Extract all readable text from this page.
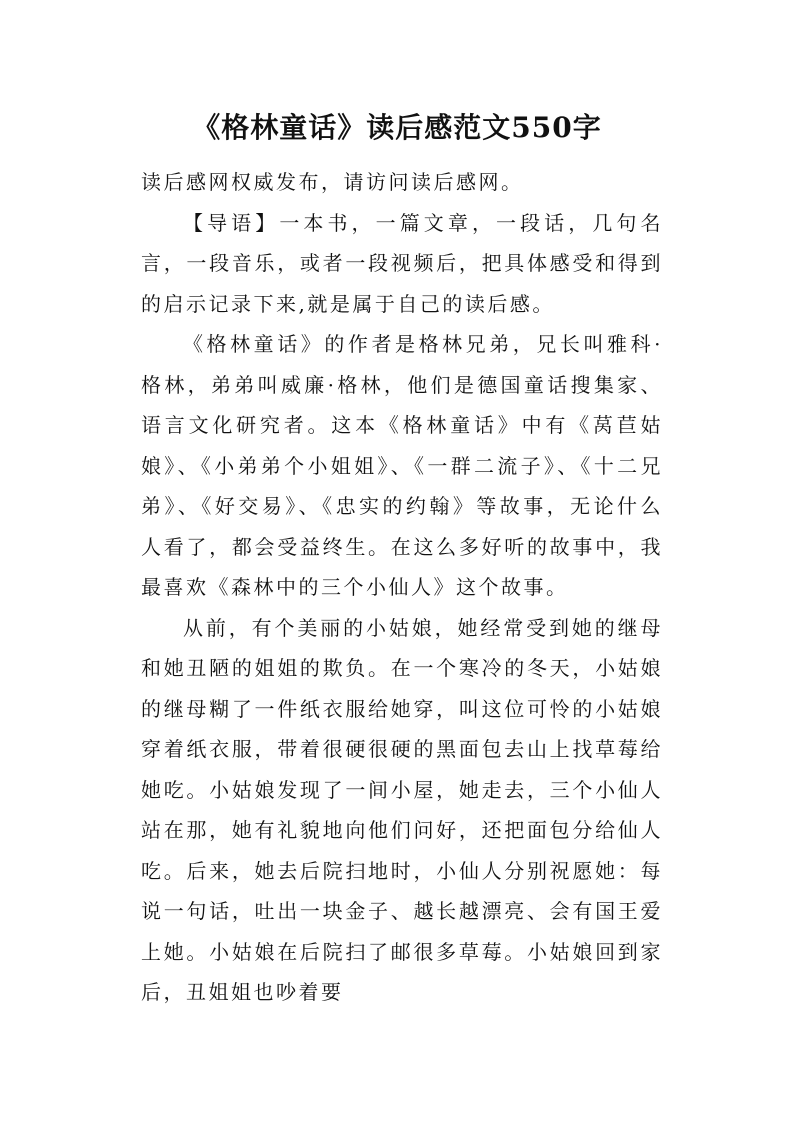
《格林童话》读后感范文550字

读后感网权威发布，请访问读后感网。

【导语】一本书，一篇文章，一段话，几句名言，一段音乐，或者一段视频后，把具体感受和得到的启示记录下来,就是属于自己的读后感。

《格林童话》的作者是格林兄弟，兄长叫雅科·格林，弟弟叫威廉·格林，他们是德国童话搜集家、语言文化研究者。这本《格林童话》中有《莴苣姑娘》、《小弟弟个小姐姐》、《一群二流子》、《十二兄弟》、《好交易》、《忠实的约翰》等故事，无论什么人看了，都会受益终生。在这么多好听的故事中，我最喜欢《森林中的三个小仙人》这个故事。

从前，有个美丽的小姑娘，她经常受到她的继母和她丑陋的姐姐的欺负。在一个寒冷的冬天，小姑娘的继母糊了一件纸衣服给她穿，叫这位可怜的小姑娘穿着纸衣服，带着很硬很硬的黑面包去山上找草莓给她吃。小姑娘发现了一间小屋，她走去，三个小仙人站在那，她有礼貌地向他们问好，还把面包分给仙人吃。后来，她去后院扫地时，小仙人分别祝愿她：每说一句话，吐出一块金子、越长越漂亮、会有国王爱上她。小姑娘在后院扫了邮很多草莓。小姑娘回到家后，丑姐姐也吵着要
